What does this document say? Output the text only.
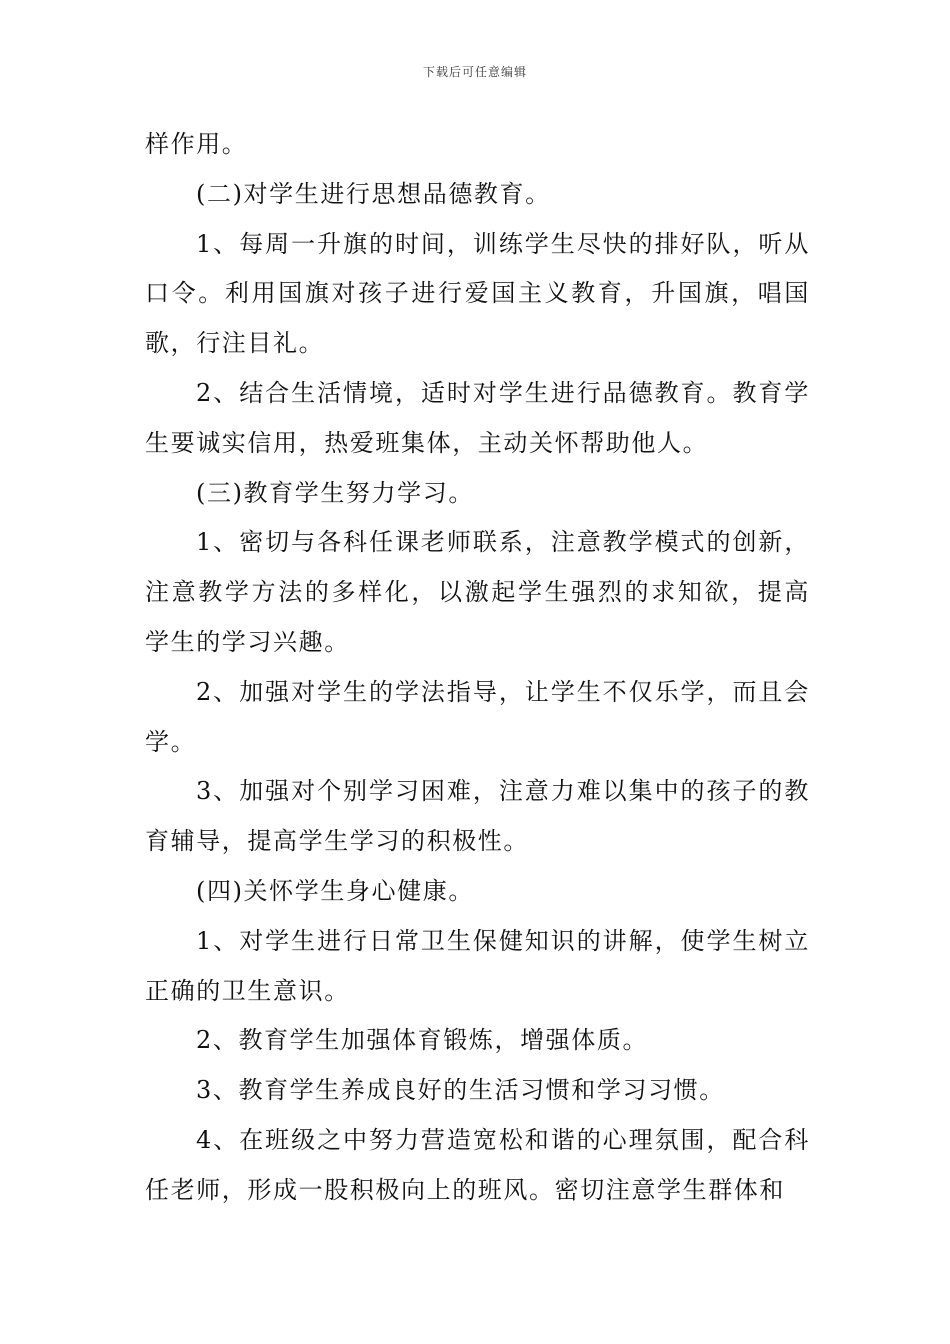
下载后可任意编辑

样作用。

(二)对学生进行思想品德教育。

1、每周一升旗的时间，训练学生尽快的排好队，听从口令。利用国旗对孩子进行爱国主义教育，升国旗，唱国歌，行注目礼。

2、结合生活情境，适时对学生进行品德教育。教育学生要诚实信用，热爱班集体，主动关怀帮助他人。

(三)教育学生努力学习。

1、密切与各科任课老师联系，注意教学模式的创新，注意教学方法的多样化，以激起学生强烈的求知欲，提高学生的学习兴趣。

2、加强对学生的学法指导，让学生不仅乐学，而且会学。

3、加强对个别学习困难，注意力难以集中的孩子的教育辅导，提高学生学习的积极性。

(四)关怀学生身心健康。

1、对学生进行日常卫生保健知识的讲解，使学生树立正确的卫生意识。

2、教育学生加强体育锻炼，增强体质。

3、教育学生养成良好的生活习惯和学习习惯。

4、在班级之中努力营造宽松和谐的心理氛围，配合科任老师，形成一股积极向上的班风。密切注意学生群体和
